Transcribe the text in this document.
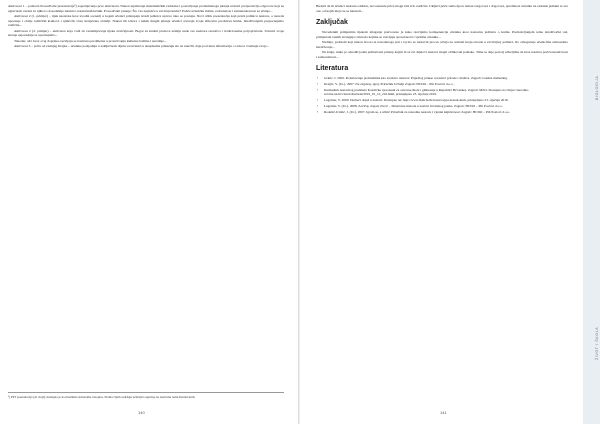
Aktivnost 1 – pomoću PowerPoint prezentacije¹) zapošljavanja prve aktivnosti. Nakon ispitivanja matematičkih zadataka i postavljanja problemskoga pitanja učenici pretpostavlja odgovore koji su uglavnom vezani za njihovo dosadašnje iskustvo narančanih kršnih. PowerPoint pitanje: Što vas najčešće u zavičaju kruha? Potiče učeničku maštu, radoznalost i zainteresiranost za učenje...

Aktivnost 2 (1. primjer) – tijek nastavka kroz uvodni scenarij u kojem učenici pristupaju izradi jedinica upravo tako se postupa. Novi oblik prezentacije koji pruža jedinicu nastave, a razreda upoznaje i obilje različitih kruhova i njihovih vrsta kraljevska obitelji. Nakon tih izbora i nekih drugih pitanja učenici stvaraju svoju slikovnu predstavu kruha. Istraživanjem prepoznajemo različite...

Aktivnost 2 (2. primjer) – aktivnost koja vodi do razumijevanja tijeka zavičajnosti. Bogat za krušni plodove zemlje nude sve nadzore ratarstva i tradicionalne poljoprivrede. Učenici svoje znanje uspoređuju sa spoznajama...

Također, ali i kroz ovaj doprinos razvijaju se nastavna predmetna u proučavanju kulturne baštine i suradnje...

Aktivnost 3 – priča od zadnjeg štrajka – učenike posljednju u zaključnom dijelu sat učenici u skupinama prikazuju što su naučili, daju povratnu informaciju o radu te vrednuju svoje...

¹) PPT prezentacija (41 slajd) dostupna je na mrežnim stranicama časopisa. Prema čijem sadržaju učiteljica upućuje na nastavnu temu Krušni kruh.
140

Budući da ih učenici nastanu odabiru, novonastale priče mogu biti vrlo različite. Uključi priče sama djeca nakon razgovora i dogovora, spremnost učenika na zadatak jednaki te sve ono od kojih ideja su se iskazali...

Zaključak

Navedenim primjerima tijekom izlaganja pretvoreno je kako razvijamo kompetencije učenika kroz nastavnu jedinicu o kruhu. Predstavljanjem tema istraživački rad, primjenom raznih strategija i metoda kojima se razvijaju sposobnosti i vještine učenika...

Nadalje, problem koji nakon izvora iz navedenoga jest i taj što se nastavni proces odvija na samom kraju obrade u zavičajnoj jedinici, što omogućuje učenicima samostalno istraživanje...

Na kraju, teško je odrediti jedan jedinstveni pristup kojim bi se svi dijelovi nastave mogli oblikovati jednako. Time se daje poticaj učiteljima da kroz nastavu potiču kreativnost i samostalnost...

Literatura
• Grinić, I. 2002. Podučavanje problemima kao sredstvo nastave: Prijedlog prakse u nastavi prirode i društva. Zagreb: Golden marketing.
• Kraljić, V. (Ur.). 2007. Ne zagrizaj, igraj. Priručnik Učitelji Zagreb: HCDO – Pili Poslovi d.o.o.
• Kurikulum nastavnog predmeta Katoličke vjeronauk za osnovne škole i gimnazije u Republici Hrvatskoj. Zagreb: MZO. Dostupno na: https://narodne-novine.nn.hr/clanci/sluzbeni/2019_01_10_216.html, pristupljeno 23. siječnja 2019.
• Lugomer, V. 2000. Domaći objed u nastavi. Dostupno na: http://www.fkzh.hr/hr/nastava/ppt-krusni-kruh, pristupljeno 23. siječnja 2019.
• Lugomer, V. (Ur.). 2008. Zavičaj, događ, život! – Drustvene metode u nastavi hrvatskog jezika. Zagreb: HCDO – Pili Poslovi d.o.o.
• Rodešić-Ivinlić, J. (Ur.). 2007. Igram se, a učim! Priručnik za razrednu nastavu i vjerski književnost: Zagreb: HCDO – Pili Poslovi d.o.o.
141
BIOLOGIJA
ŽIVOT I ŠKOLA
